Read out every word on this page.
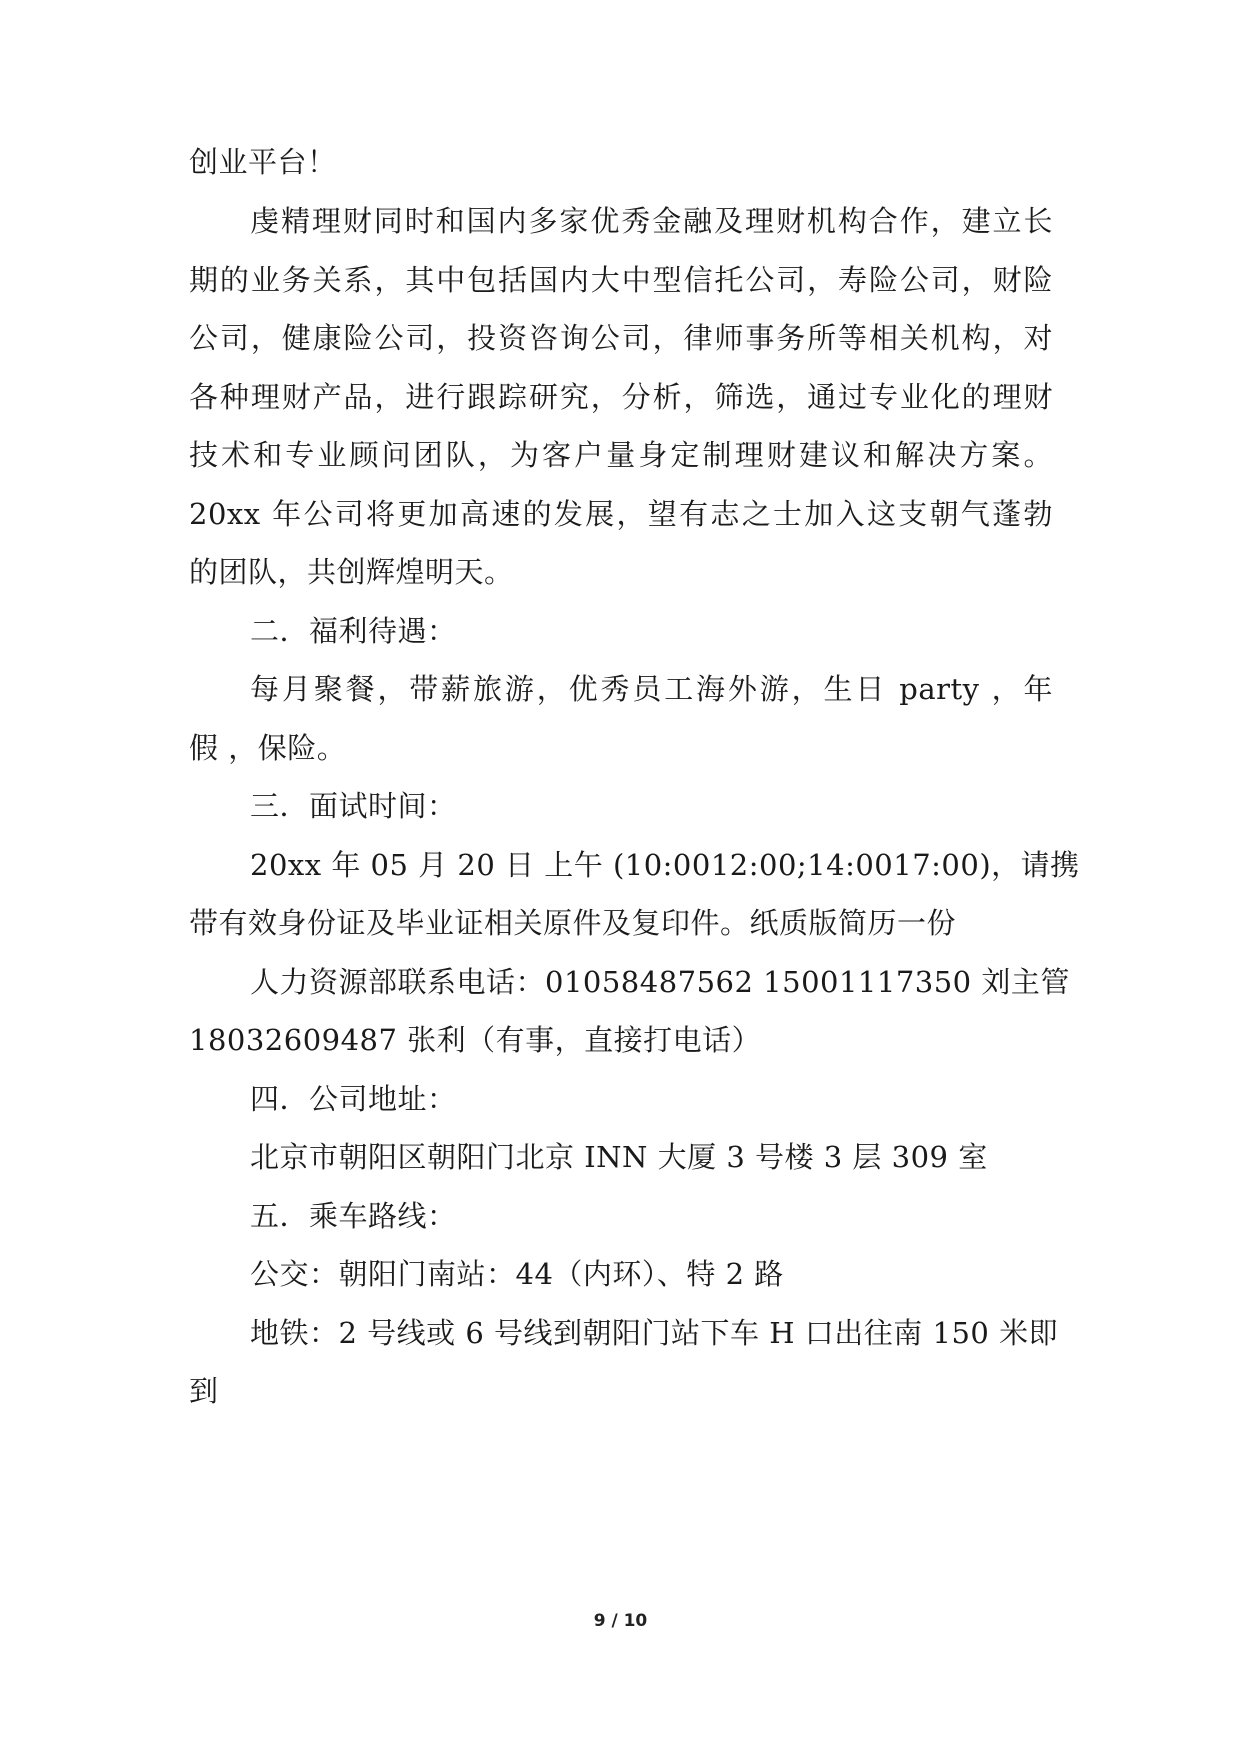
创业平台！
虔精理财同时和国内多家优秀金融及理财机构合作，建立长
期的业务关系，其中包括国内大中型信托公司，寿险公司，财险
公司，健康险公司，投资咨询公司，律师事务所等相关机构，对
各种理财产品，进行跟踪研究，分析，筛选，通过专业化的理财
技术和专业顾问团队，为客户量身定制理财建议和解决方案。
20xx 年公司将更加高速的发展，望有志之士加入这支朝气蓬勃
的团队，共创辉煌明天。
二．福利待遇：
每月聚餐，带薪旅游，优秀员工海外游，生日 party ，年
假 ，保险。
三．面试时间：
20xx 年 05 月 20 日 上午 (10:0012:00;14:0017:00)，请携
带有效身份证及毕业证相关原件及复印件。纸质版简历一份
人力资源部联系电话：01058487562 15001117350 刘主管
18032609487 张利（有事，直接打电话）
四．公司地址：
北京市朝阳区朝阳门北京 INN 大厦 3 号楼 3 层 309 室
五．乘车路线：
公交：朝阳门南站：44（内环）、特 2 路
地铁：2 号线或 6 号线到朝阳门站下车 H 口出往南 150 米即
到
9 / 10
